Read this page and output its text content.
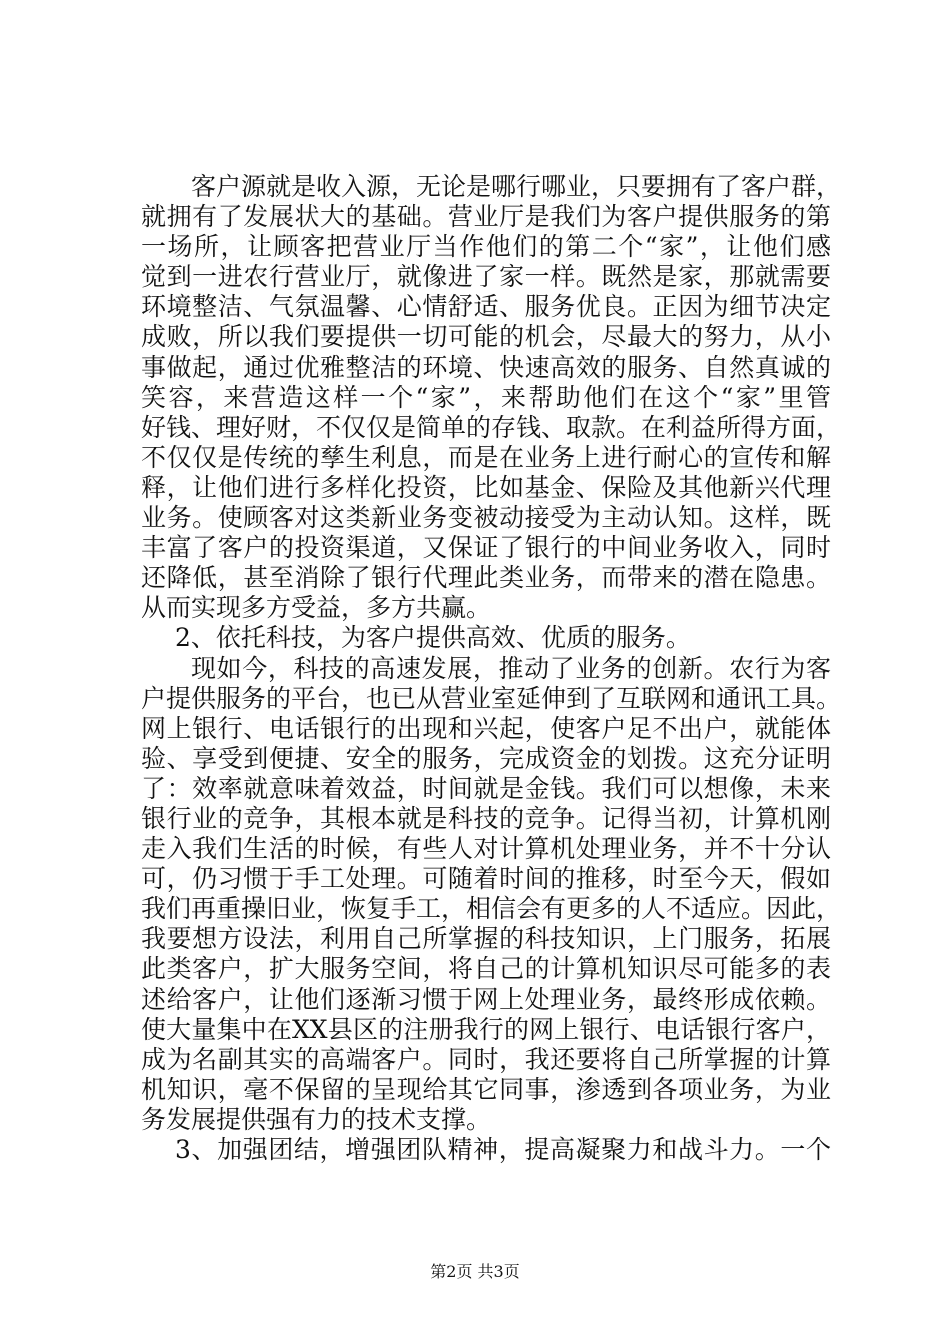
客户源就是收入源，无论是哪行哪业，只要拥有了客户群，
就拥有了发展状大的基础。营业厅是我们为客户提供服务的第
一场所，让顾客把营业厅当作他们的第二个“家”，让他们感
觉到一进农行营业厅，就像进了家一样。既然是家，那就需要
环境整洁、气氛温馨、心情舒适、服务优良。正因为细节决定
成败，所以我们要提供一切可能的机会，尽最大的努力，从小
事做起，通过优雅整洁的环境、快速高效的服务、自然真诚的
笑容，来营造这样一个“家”，来帮助他们在这个“家”里管
好钱、理好财，不仅仅是简单的存钱、取款。在利益所得方面，
不仅仅是传统的孳生利息，而是在业务上进行耐心的宣传和解
释，让他们进行多样化投资，比如基金、保险及其他新兴代理
业务。使顾客对这类新业务变被动接受为主动认知。这样，既
丰富了客户的投资渠道，又保证了银行的中间业务收入，同时
还降低，甚至消除了银行代理此类业务，而带来的潜在隐患。
从而实现多方受益，多方共赢。
2、依托科技，为客户提供高效、优质的服务。
现如今，科技的高速发展，推动了业务的创新。农行为客
户提供服务的平台，也已从营业室延伸到了互联网和通讯工具。
网上银行、电话银行的出现和兴起，使客户足不出户，就能体
验、享受到便捷、安全的服务，完成资金的划拨。这充分证明
了：效率就意味着效益，时间就是金钱。我们可以想像，未来
银行业的竞争，其根本就是科技的竞争。记得当初，计算机刚
走入我们生活的时候，有些人对计算机处理业务，并不十分认
可，仍习惯于手工处理。可随着时间的推移，时至今天，假如
我们再重操旧业，恢复手工，相信会有更多的人不适应。因此，
我要想方设法，利用自己所掌握的科技知识，上门服务，拓展
此类客户，扩大服务空间，将自己的计算机知识尽可能多的表
述给客户，让他们逐渐习惯于网上处理业务，最终形成依赖。
使大量集中在XX县区的注册我行的网上银行、电话银行客户，
成为名副其实的高端客户。同时，我还要将自己所掌握的计算
机知识，毫不保留的呈现给其它同事，渗透到各项业务，为业
务发展提供强有力的技术支撑。
3、加强团结，增强团队精神，提高凝聚力和战斗力。一个
第2页 共3页
